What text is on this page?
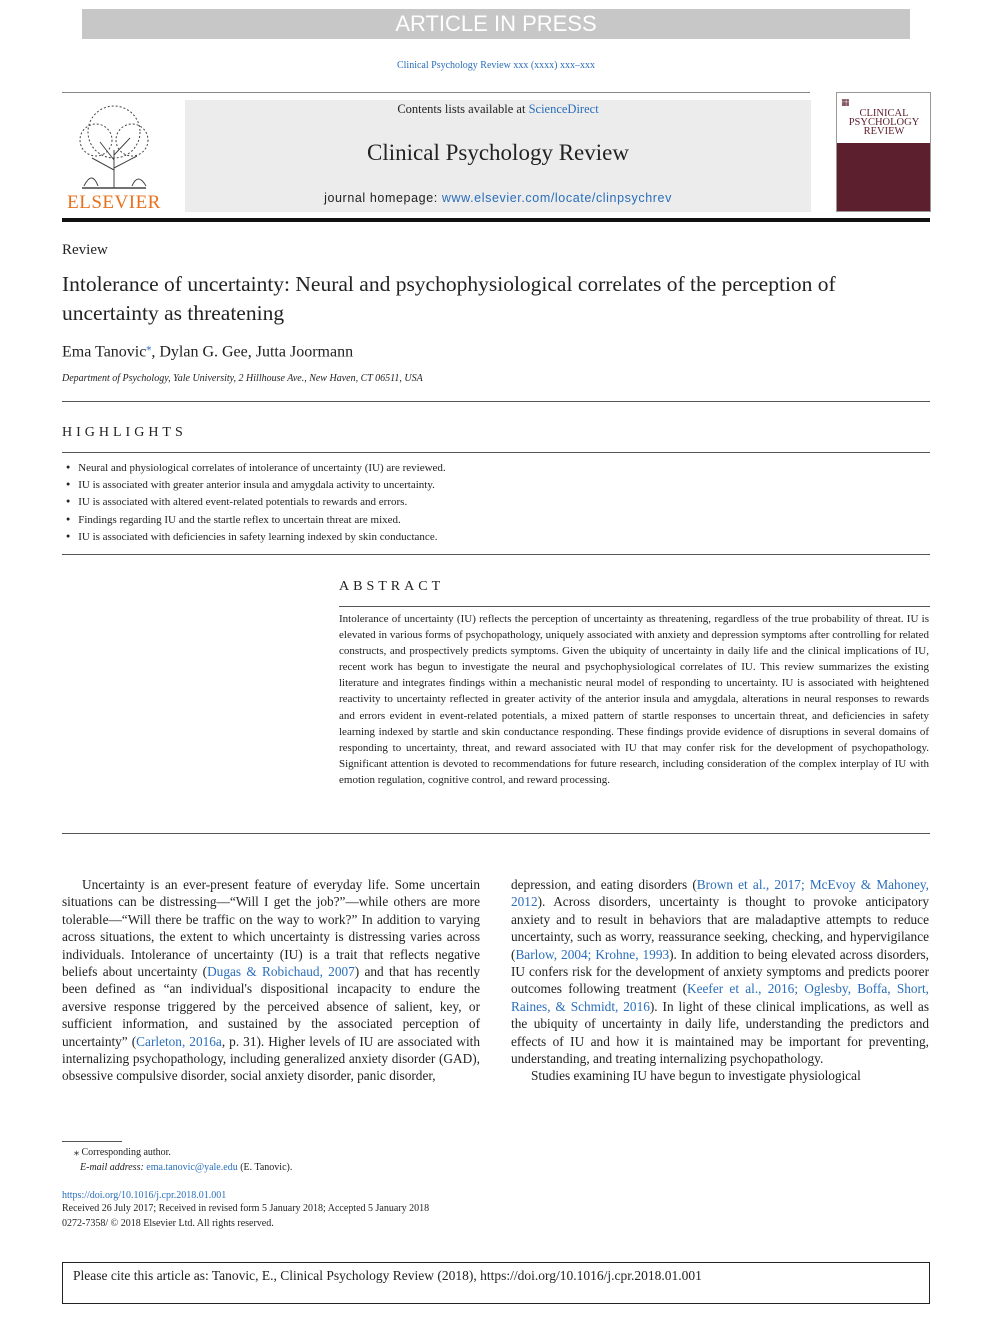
ARTICLE IN PRESS
Clinical Psychology Review xxx (xxxx) xxx–xxx
ELSEVIER
Contents lists available at ScienceDirect
Clinical Psychology Review
journal homepage: www.elsevier.com/locate/clinpsychrev
▦
CLINICAL PSYCHOLOGY REVIEW
Review
Intolerance of uncertainty: Neural and psychophysiological correlates of the perception of uncertainty as threatening
Ema Tanovic⁎, Dylan G. Gee, Jutta Joormann
Department of Psychology, Yale University, 2 Hillhouse Ave., New Haven, CT 06511, USA
HIGHLIGHTS
● Neural and physiological correlates of intolerance of uncertainty (IU) are reviewed.
● IU is associated with greater anterior insula and amygdala activity to uncertainty.
● IU is associated with altered event-related potentials to rewards and errors.
● Findings regarding IU and the startle reflex to uncertain threat are mixed.
● IU is associated with deficiencies in safety learning indexed by skin conductance.
ABSTRACT

Intolerance of uncertainty (IU) reflects the perception of uncertainty as threatening, regardless of the true probability of threat. IU is elevated in various forms of psychopathology, uniquely associated with anxiety and depression symptoms after controlling for related constructs, and prospectively predicts symptoms. Given the ubiquity of uncertainty in daily life and the clinical implications of IU, recent work has begun to investigate the neural and psychophysiological correlates of IU. This review summarizes the existing literature and integrates findings within a mechanistic neural model of responding to uncertainty. IU is associated with heightened reactivity to uncertainty reflected in greater activity of the anterior insula and amygdala, alterations in neural responses to rewards and errors evident in event-related potentials, a mixed pattern of startle responses to uncertain threat, and deficiencies in safety learning indexed by startle and skin conductance responding. These findings provide evidence of disruptions in several domains of responding to uncertainty, threat, and reward associated with IU that may confer risk for the development of psychopathology. Significant attention is devoted to recommendations for future research, including consideration of the complex interplay of IU with emotion regulation, cognitive control, and reward processing.

Uncertainty is an ever-present feature of everyday life. Some uncertain situations can be distressing—“Will I get the job?”—while others are more tolerable—“Will there be traffic on the way to work?” In addition to varying across situations, the extent to which uncertainty is distressing varies across individuals. Intolerance of uncertainty (IU) is a trait that reflects negative beliefs about uncertainty (Dugas & Robichaud, 2007) and that has recently been defined as “an individual's dispositional incapacity to endure the aversive response triggered by the perceived absence of salient, key, or sufficient information, and sustained by the associated perception of uncertainty” (Carleton, 2016a, p. 31). Higher levels of IU are associated with internalizing psychopathology, including generalized anxiety disorder (GAD), obsessive compulsive disorder, social anxiety disorder, panic disorder,

depression, and eating disorders (Brown et al., 2017; McEvoy & Mahoney, 2012). Across disorders, uncertainty is thought to provoke anticipatory anxiety and to result in behaviors that are maladaptive attempts to reduce uncertainty, such as worry, reassurance seeking, checking, and hypervigilance (Barlow, 2004; Krohne, 1993). In addition to being elevated across disorders, IU confers risk for the development of anxiety symptoms and predicts poorer outcomes following treatment (Keefer et al., 2016; Oglesby, Boffa, Short, Raines, & Schmidt, 2016). In light of these clinical implications, as well as the ubiquity of uncertainty in daily life, understanding the predictors and effects of IU and how it is maintained may be important for preventing, understanding, and treating internalizing psychopathology.

Studies examining IU have begun to investigate physiological

⁎ Corresponding author.
E-mail address: ema.tanovic@yale.edu (E. Tanovic).
https://doi.org/10.1016/j.cpr.2018.01.001
Received 26 July 2017; Received in revised form 5 January 2018; Accepted 5 January 2018
0272-7358/ © 2018 Elsevier Ltd. All rights reserved.
Please cite this article as: Tanovic, E., Clinical Psychology Review (2018), https://doi.org/10.1016/j.cpr.2018.01.001
